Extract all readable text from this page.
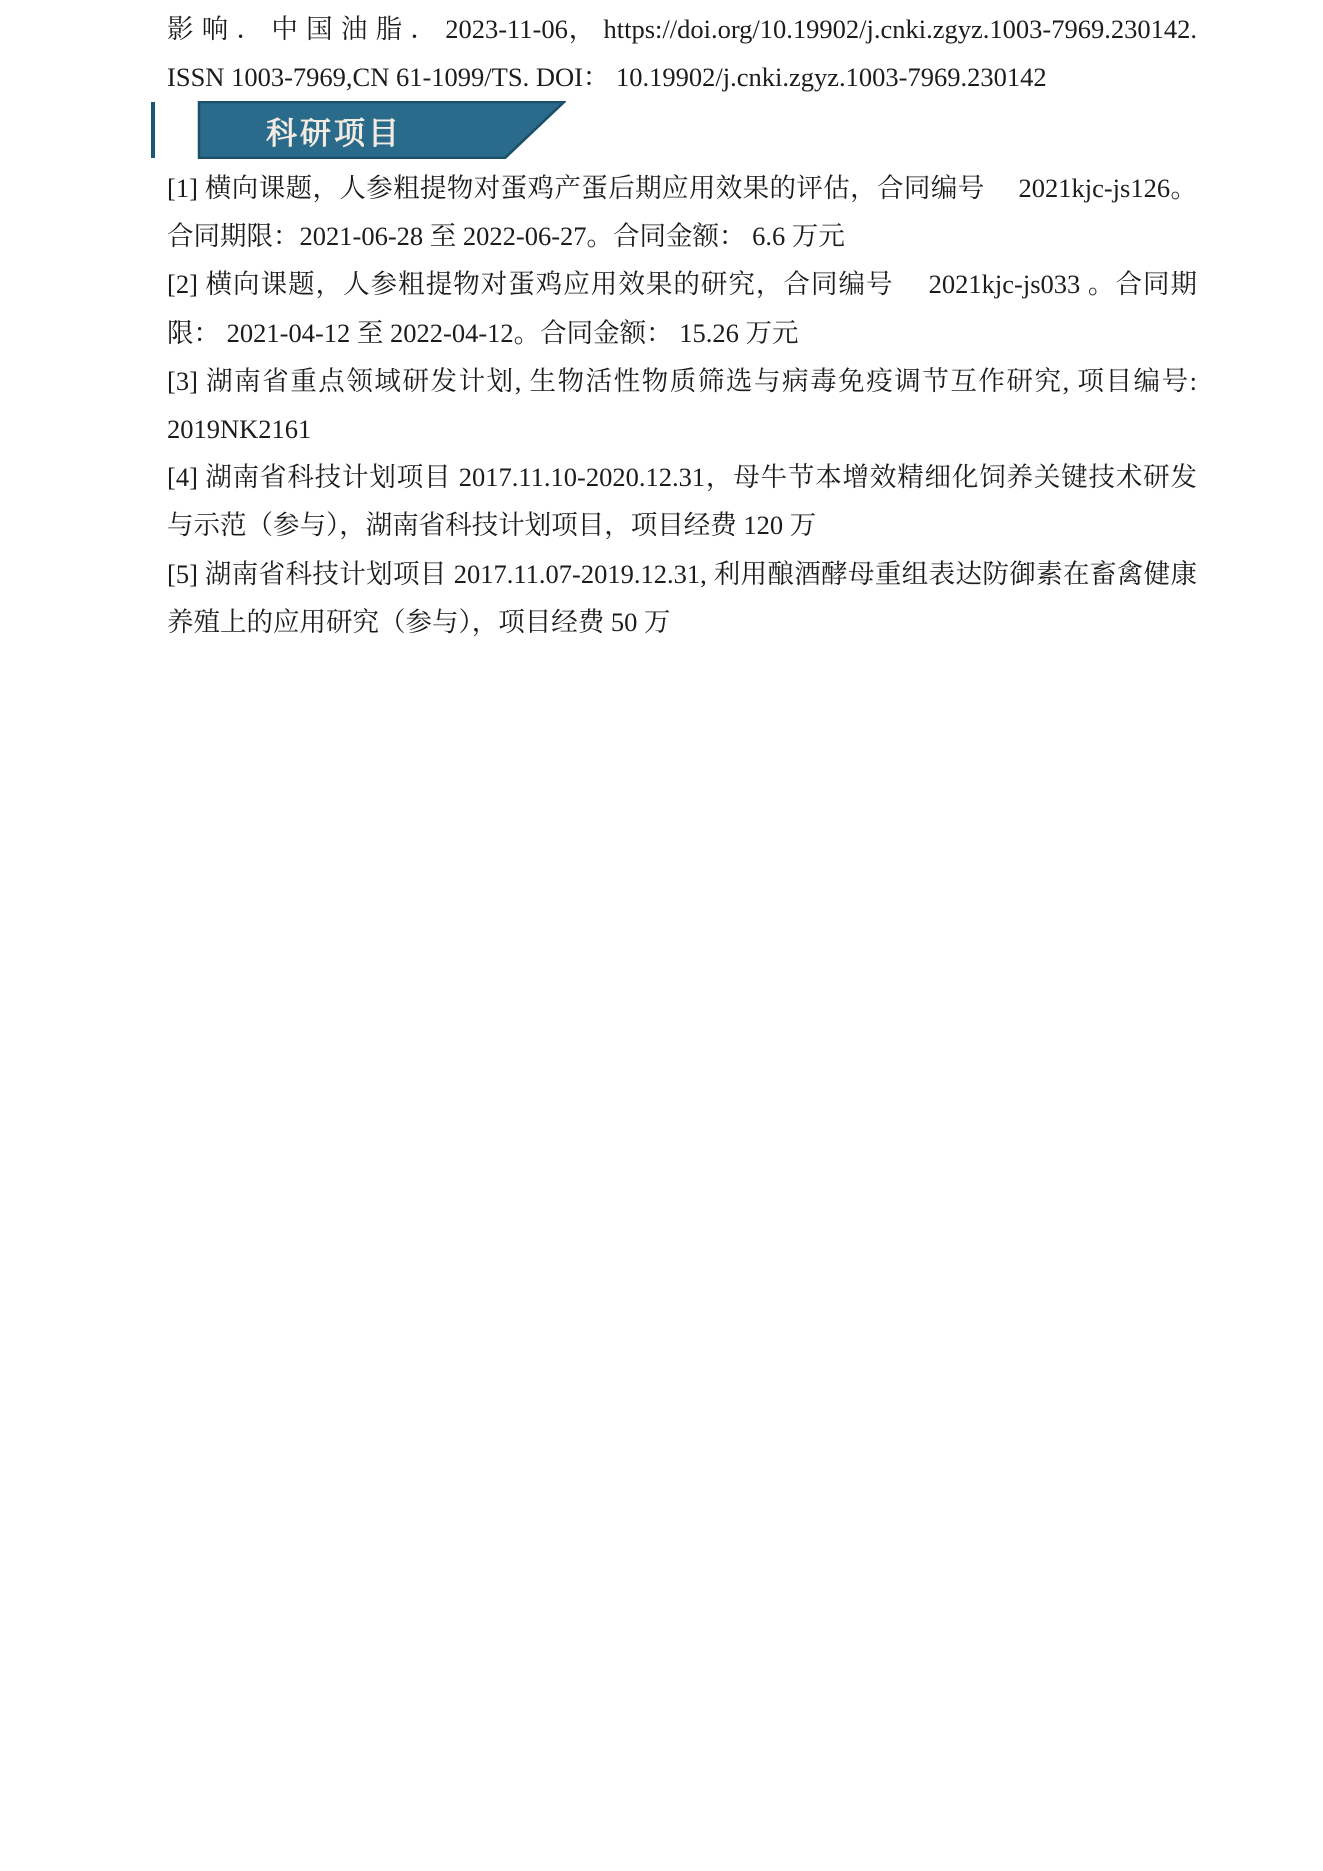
影 响 ． 中 国 油 脂 ． 2023-11-06， https://doi.org/10.19902/j.cnki.zgyz.1003-7969.230142.　ISSN 1003-7969,CN 61-1099/TS. DOI： 10.19902/j.cnki.zgyz.1003-7969.230142

科研项目

[1] 横向课题，人参粗提物对蛋鸡产蛋后期应用效果的评估，合同编号　 2021kjc-js126。合同期限：2021-06-28 至 2022-06-27。合同金额： 6.6 万元

[2] 横向课题，人参粗提物对蛋鸡应用效果的研究，合同编号　 2021kjc-js033 。合同期限： 2021-04-12 至 2022-04-12。合同金额： 15.26 万元

[3] 湖南省重点领域研发计划, 生物活性物质筛选与病毒免疫调节互作研究, 项目编号: 2019NK2161

[4] 湖南省科技计划项目 2017.11.10-2020.12.31，母牛节本增效精细化饲养关键技术研发与示范（参与），湖南省科技计划项目，项目经费 120 万

[5] 湖南省科技计划项目 2017.11.07-2019.12.31, 利用酿酒酵母重组表达防御素在畜禽健康养殖上的应用研究（参与），项目经费 50 万
